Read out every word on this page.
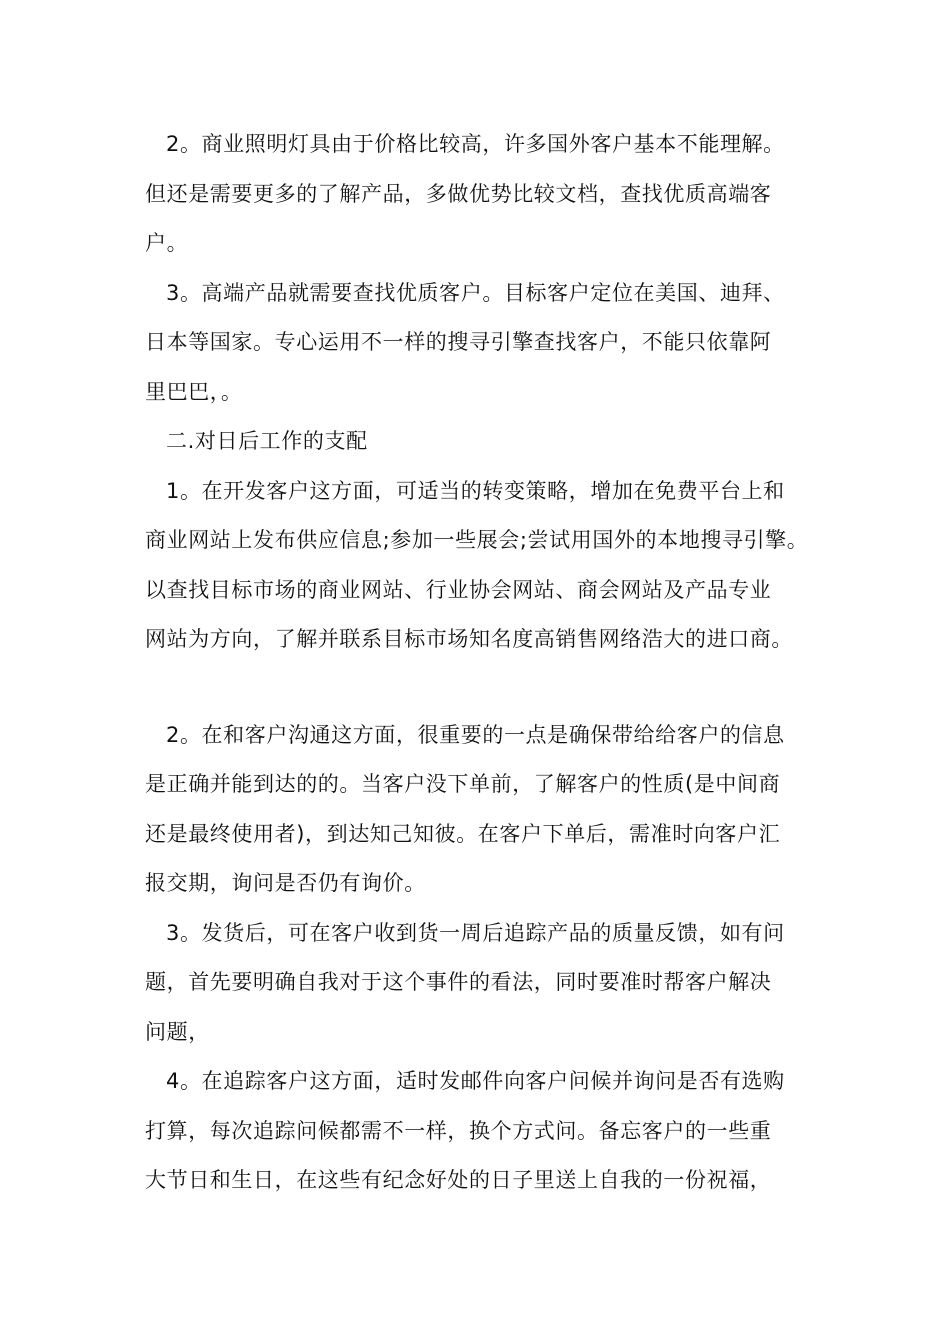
2。商业照明灯具由于价格比较高，许多国外客户基本不能理解。
但还是需要更多的了解产品，多做优势比较文档，查找优质高端客
户。
3。高端产品就需要查找优质客户。目标客户定位在美国、迪拜、
日本等国家。专心运用不一样的搜寻引擎查找客户，不能只依靠阿
里巴巴，。
二.对日后工作的支配
1。在开发客户这方面，可适当的转变策略，增加在免费平台上和
商业网站上发布供应信息;参加一些展会;尝试用国外的本地搜寻引擎。
以查找目标市场的商业网站、行业协会网站、商会网站及产品专业
网站为方向，了解并联系目标市场知名度高销售网络浩大的进口商。
2。在和客户沟通这方面，很重要的一点是确保带给给客户的信息
是正确并能到达的的。当客户没下单前，了解客户的性质(是中间商
还是最终使用者)，到达知己知彼。在客户下单后，需准时向客户汇
报交期，询问是否仍有询价。
3。发货后，可在客户收到货一周后追踪产品的质量反馈，如有问
题，首先要明确自我对于这个事件的看法，同时要准时帮客户解决
问题，
4。在追踪客户这方面，适时发邮件向客户问候并询问是否有选购
打算，每次追踪问候都需不一样，换个方式问。备忘客户的一些重
大节日和生日，在这些有纪念好处的日子里送上自我的一份祝福，
